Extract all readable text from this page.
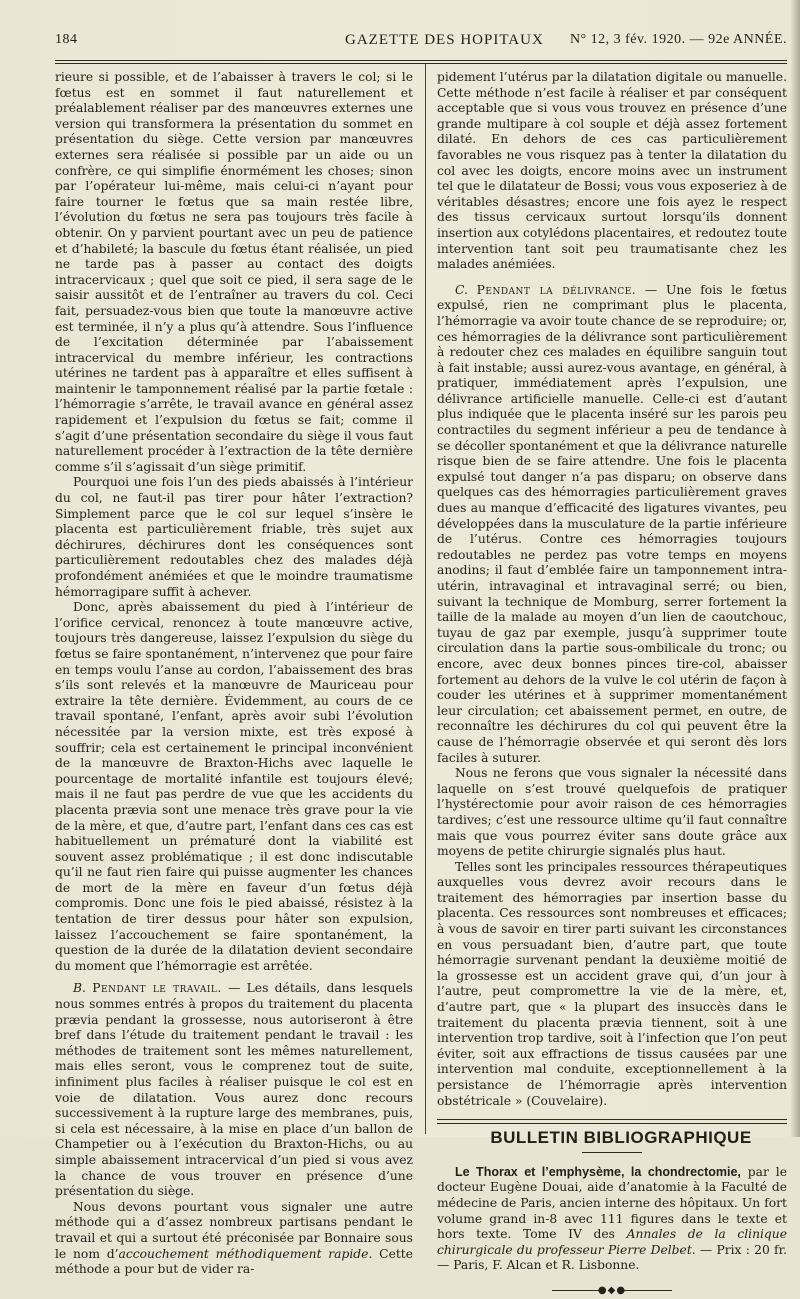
184	GAZETTE DES HOPITAUX N° 12, 3 fév. 1920. — 92e ANNÉE.

rieure si possible, et de l’abaisser à travers le col; si le fœtus est en sommet il faut naturellement et préalablement réaliser par des manœuvres externes une version qui transformera la présentation du sommet en présentation du siège. Cette version par manœuvres externes sera réalisée si possible par un aide ou un confrère, ce qui simplifie énormément les choses; sinon par l’opérateur lui-même, mais celui-ci n’ayant pour faire tourner le fœtus que sa main restée libre, l’évolution du fœtus ne sera pas toujours très facile à obtenir. On y parvient pourtant avec un peu de patience et d’habileté; la bascule du fœtus étant réalisée, un pied ne tarde pas à passer au contact des doigts intracervicaux ; quel que soit ce pied, il sera sage de le saisir aussitôt et de l’entraîner au travers du col. Ceci fait, persuadez-vous bien que toute la manœuvre active est terminée, il n’y a plus qu’à attendre. Sous l’influence de l’excitation déterminée par l’abaissement intracervical du membre inférieur, les contractions utérines ne tardent pas à apparaître et elles suffisent à maintenir le tamponnement réalisé par la partie fœtale : l’hémorragie s’arrête, le travail avance en général assez rapidement et l’expulsion du fœtus se fait; comme il s’agit d’une présentation secondaire du siège il vous faut naturellement procéder à l’extraction de la tête dernière comme s’il s’agissait d’un siège primitif.

Pourquoi une fois l’un des pieds abaissés à l’intérieur du col, ne faut-il pas tirer pour hâter l’extraction? Simplement parce que le col sur lequel s’insère le placenta est particulièrement friable, très sujet aux déchirures, déchirures dont les conséquences sont particulièrement redoutables chez des malades déjà profondément anémiées et que le moindre traumatisme hémorragipare suffit à achever.

Donc, après abaissement du pied à l’intérieur de l’orifice cervical, renoncez à toute manœuvre active, toujours très dangereuse, laissez l’expulsion du siège du fœtus se faire spontanément, n’intervenez que pour faire en temps voulu l’anse au cordon, l’abaissement des bras s’ils sont relevés et la manœuvre de Mauriceau pour extraire la tête dernière. Évidemment, au cours de ce travail spontané, l’enfant, après avoir subi l’évolution nécessitée par la version mixte, est très exposé à souffrir; cela est certainement le principal inconvénient de la manœuvre de Braxton-Hichs avec laquelle le pourcentage de mortalité infantile est toujours élevé; mais il ne faut pas perdre de vue que les accidents du placenta prævia sont une menace très grave pour la vie de la mère, et que, d’autre part, l’enfant dans ces cas est habituellement un prématuré dont la viabilité est souvent assez problématique ; il est donc indiscutable qu’il ne faut rien faire qui puisse augmenter les chances de mort de la mère en faveur d’un fœtus déjà compromis. Donc une fois le pied abaissé, résistez à la tentation de tirer dessus pour hâter son expulsion, laissez l’accouchement se faire spontanément, la question de la durée de la dilatation devient secondaire du moment que l’hémorragie est arrêtée.

B. Pendant le travail. — Les détails, dans lesquels nous sommes entrés à propos du traitement du placenta prævia pendant la grossesse, nous autoriseront à être bref dans l’étude du traitement pendant le travail : les méthodes de traitement sont les mêmes naturellement, mais elles seront, vous le comprenez tout de suite, infiniment plus faciles à réaliser puisque le col est en voie de dilatation. Vous aurez donc recours successivement à la rupture large des membranes, puis, si cela est nécessaire, à la mise en place d’un ballon de Champetier ou à l’exécution du Braxton-Hichs, ou au simple abaissement intracervical d’un pied si vous avez la chance de vous trouver en présence d’une présentation du siège.

Nous devons pourtant vous signaler une autre méthode qui a d’assez nombreux partisans pendant le travail et qui a surtout été préconisée par Bonnaire sous le nom d’accouchement méthodiquement rapide. Cette méthode a pour but de vider ra-

pidement l’utérus par la dilatation digitale ou manuelle. Cette méthode n’est facile à réaliser et par conséquent acceptable que si vous vous trouvez en présence d’une grande multipare à col souple et déjà assez fortement dilaté. En dehors de ces cas particulièrement favorables ne vous risquez pas à tenter la dilatation du col avec les doigts, encore moins avec un instrument tel que le dilatateur de Bossi; vous vous exposeriez à de véritables désastres; encore une fois ayez le respect des tissus cervicaux surtout lorsqu’ils donnent insertion aux cotylédons placentaires, et redoutez toute intervention tant soit peu traumatisante chez les malades anémiées.

C. Pendant la délivrance. — Une fois le fœtus expulsé, rien ne comprimant plus le placenta, l’hémorragie va avoir toute chance de se reproduire; or, ces hémorragies de la délivrance sont particulièrement à redouter chez ces malades en équilibre sanguin tout à fait instable; aussi aurez-vous avantage, en général, à pratiquer, immédiatement après l’expulsion, une délivrance artificielle manuelle. Celle-ci est d’autant plus indiquée que le placenta inséré sur les parois peu contractiles du segment inférieur a peu de tendance à se décoller spontanément et que la délivrance naturelle risque bien de se faire attendre. Une fois le placenta expulsé tout danger n’a pas disparu; on observe dans quelques cas des hémorragies particulièrement graves dues au manque d’efficacité des ligatures vivantes, peu développées dans la musculature de la partie inférieure de l’utérus. Contre ces hémorragies toujours redoutables ne perdez pas votre temps en moyens anodins; il faut d’emblée faire un tamponnement intra-utérin, intravaginal et intravaginal serré; ou bien, suivant la technique de Momburg, serrer fortement la taille de la malade au moyen d’un lien de caoutchouc, tuyau de gaz par exemple, jusqu’à supprimer toute circulation dans la partie sous-ombilicale du tronc; ou encore, avec deux bonnes pinces tire-col, abaisser fortement au dehors de la vulve le col utérin de façon à couder les utérines et à supprimer momentanément leur circulation; cet abaissement permet, en outre, de reconnaître les déchirures du col qui peuvent être la cause de l’hémorragie observée et qui seront dès lors faciles à suturer.

Nous ne ferons que vous signaler la nécessité dans laquelle on s’est trouvé quelquefois de pratiquer l’hystérectomie pour avoir raison de ces hémorragies tardives; c’est une ressource ultime qu’il faut connaître mais que vous pourrez éviter sans doute grâce aux moyens de petite chirurgie signalés plus haut.

Telles sont les principales ressources thérapeutiques auxquelles vous devrez avoir recours dans le traitement des hémorragies par insertion basse du placenta. Ces ressources sont nombreuses et efficaces; à vous de savoir en tirer parti suivant les circonstances en vous persuadant bien, d’autre part, que toute hémorragie survenant pendant la deuxième moitié de la grossesse est un accident grave qui, d’un jour à l’autre, peut compromettre la vie de la mère, et, d’autre part, que « la plupart des insuccès dans le traitement du placenta prævia tiennent, soit à une intervention trop tardive, soit à l’infection que l’on peut éviter, soit aux effractions de tissus causées par une intervention mal conduite, exceptionnellement à la persistance de l’hémorragie après intervention obstétricale » (Couvelaire).

BULLETIN BIBLIOGRAPHIQUE

Le Thorax et l’emphysème, la chondrectomie, par le docteur Eugène Douai, aide d’anatomie à la Faculté de médecine de Paris, ancien interne des hôpitaux. Un fort volume grand in-8 avec 111 figures dans le texte et hors texte. Tome IV des Annales de la clinique chirurgicale du professeur Pierre Delbet. — Prix : 20 fr. — Paris, F. Alcan et R. Lisbonne.

●◆●
